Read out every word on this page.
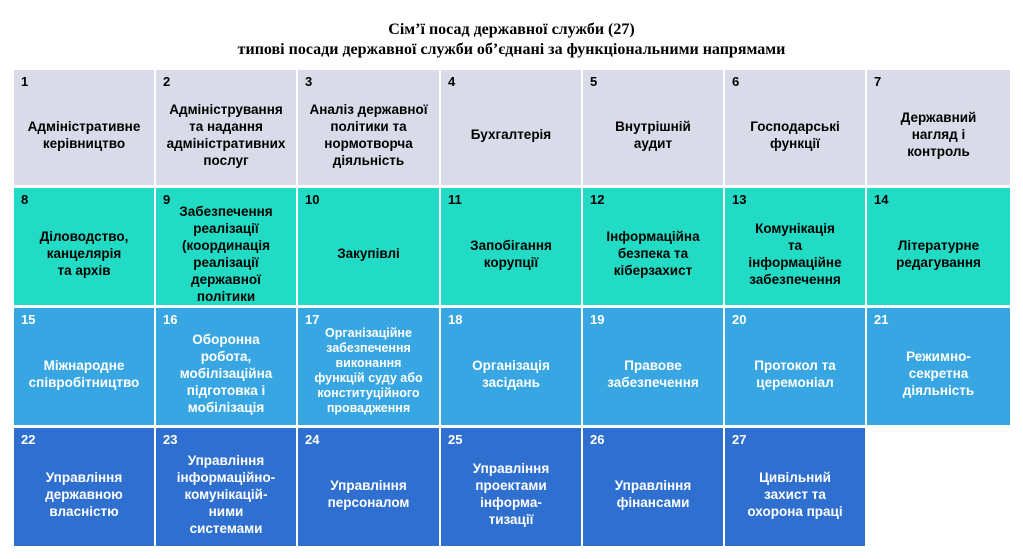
Сім’ї посад державної служби (27)
типові посади державної служби об’єднані за функціональними напрямами
1
Адміністративне
керівництво
2
Адміністрування
та надання
адміністративних
послуг
3
Аналіз державної
політики та
нормотворча
діяльність
4
Бухгалтерія
5
Внутрішній
аудит
6
Господарські
функції
7
Державний
нагляд і
контроль
8
Діловодство,
канцелярія
та архів
9
Забезпечення
реалізації
(координація
реалізації
державної
політики
10
Закупівлі
11
Запобігання
корупції
12
Інформаційна
безпека та
кіберзахист
13
Комунікація
та
інформаційне
забезпечення
14
Літературне
редагування
15
Міжнародне
співробітництво
16
Оборонна
робота,
мобілізаційна
підготовка і
мобілізація
17
Організаційне
забезпечення
виконання
функцій суду або
конституційного
провадження
18
Організація
засідань
19
Правове
забезпечення
20
Протокол та
церемоніал
21
Режимно-
секретна
діяльність
22
Управління
державною
власністю
23
Управління
інформаційно-
комунікацій-
ними
системами
24
Управління
персоналом
25
Управління
проектами
інформа-
тизації
26
Управління
фінансами
27
Цивільний
захист та
охорона праці
